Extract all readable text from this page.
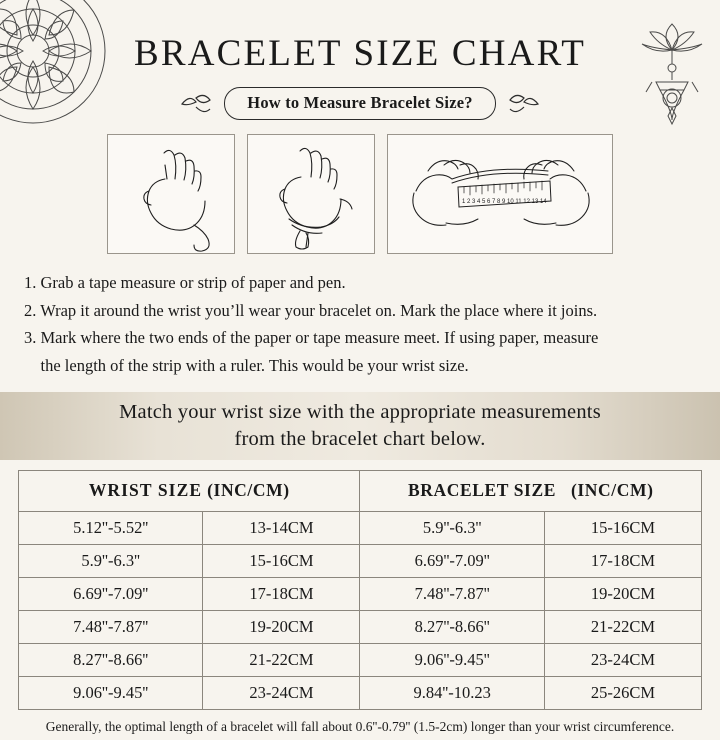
BRACELET SIZE CHART
How to Measure Bracelet Size?
1 2 3 4 5 6 7 8 9 10 11 12 13 14
1. Grab a tape measure or strip of paper and pen.
2. Wrap it around the wrist you’ll wear your bracelet on. Mark the place where it joins.
3. Mark where the two ends of the paper or tape measure meet. If using paper, measure
the length of the strip with a ruler. This would be your wrist size.
Match your wrist size with the appropriate measurements
from the bracelet chart below.
WRIST SIZE (INC/CM)		BRACELET SIZE (INC/CM)	
5.12''-5.52''	13-14CM	5.9''-6.3''	15-16CM
5.9''-6.3''	15-16CM	6.69''-7.09''	17-18CM
6.69''-7.09''	17-18CM	7.48''-7.87''	19-20CM
7.48''-7.87''	19-20CM	8.27''-8.66''	21-22CM
8.27''-8.66''	21-22CM	9.06''-9.45''	23-24CM
9.06''-9.45''	23-24CM	9.84''-10.23	25-26CM
Generally, the optimal length of a bracelet will fall about 0.6''-0.79'' (1.5-2cm) longer than your wrist circumference.
